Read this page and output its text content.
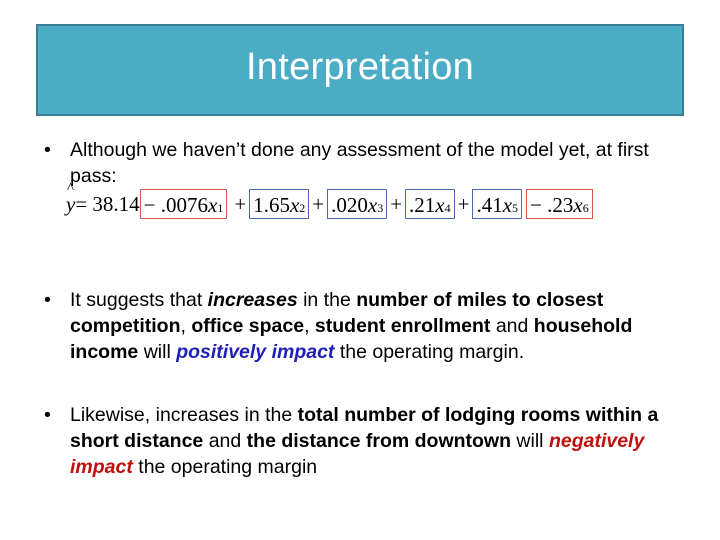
Interpretation
• Although we haven’t done any assessment of the model yet, at first pass:
^ y = 38.14 −
.0076 x 1 + 1.65 x 2 + .020 x 3 + .21 x 4 + .41 x 5 −
.23 x 6
• It suggests that increases in the number of miles to closest competition, office space, student enrollment and household income will positively impact the operating margin.
• Likewise, increases in the total number of lodging rooms within a short distance and the distance from downtown will negatively impact the operating margin
